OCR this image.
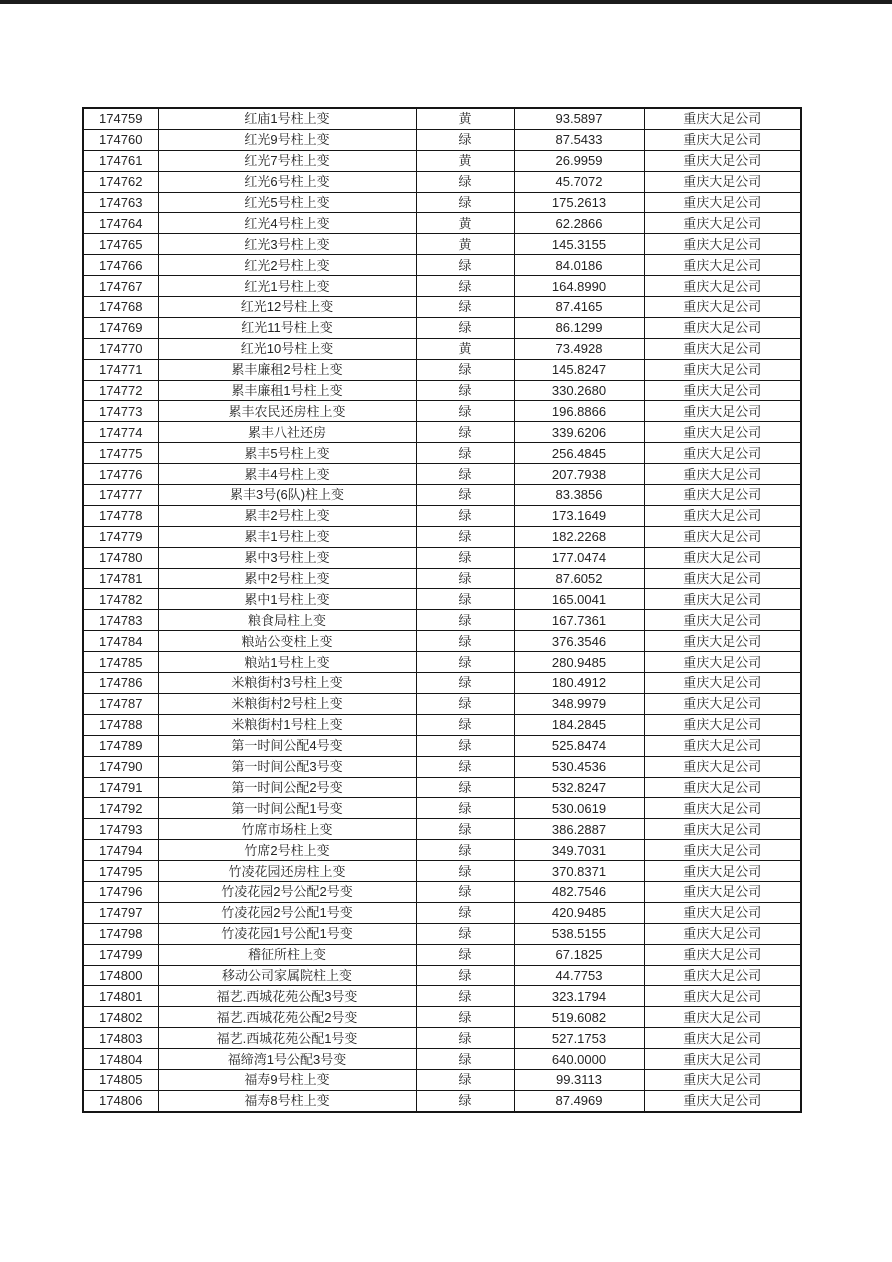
174759	红庙1号柱上变	黄	93.5897	重庆大足公司
174760	红光9号柱上变	绿	87.5433	重庆大足公司
174761	红光7号柱上变	黄	26.9959	重庆大足公司
174762	红光6号柱上变	绿	45.7072	重庆大足公司
174763	红光5号柱上变	绿	175.2613	重庆大足公司
174764	红光4号柱上变	黄	62.2866	重庆大足公司
174765	红光3号柱上变	黄	145.3155	重庆大足公司
174766	红光2号柱上变	绿	84.0186	重庆大足公司
174767	红光1号柱上变	绿	164.8990	重庆大足公司
174768	红光12号柱上变	绿	87.4165	重庆大足公司
174769	红光11号柱上变	绿	86.1299	重庆大足公司
174770	红光10号柱上变	黄	73.4928	重庆大足公司
174771	累丰廉租2号柱上变	绿	145.8247	重庆大足公司
174772	累丰廉租1号柱上变	绿	330.2680	重庆大足公司
174773	累丰农民还房柱上变	绿	196.8866	重庆大足公司
174774	累丰八社还房	绿	339.6206	重庆大足公司
174775	累丰5号柱上变	绿	256.4845	重庆大足公司
174776	累丰4号柱上变	绿	207.7938	重庆大足公司
174777	累丰3号(6队)柱上变	绿	83.3856	重庆大足公司
174778	累丰2号柱上变	绿	173.1649	重庆大足公司
174779	累丰1号柱上变	绿	182.2268	重庆大足公司
174780	累中3号柱上变	绿	177.0474	重庆大足公司
174781	累中2号柱上变	绿	87.6052	重庆大足公司
174782	累中1号柱上变	绿	165.0041	重庆大足公司
174783	粮食局柱上变	绿	167.7361	重庆大足公司
174784	粮站公变柱上变	绿	376.3546	重庆大足公司
174785	粮站1号柱上变	绿	280.9485	重庆大足公司
174786	米粮街村3号柱上变	绿	180.4912	重庆大足公司
174787	米粮街村2号柱上变	绿	348.9979	重庆大足公司
174788	米粮街村1号柱上变	绿	184.2845	重庆大足公司
174789	第一时间公配4号变	绿	525.8474	重庆大足公司
174790	第一时间公配3号变	绿	530.4536	重庆大足公司
174791	第一时间公配2号变	绿	532.8247	重庆大足公司
174792	第一时间公配1号变	绿	530.0619	重庆大足公司
174793	竹席市场柱上变	绿	386.2887	重庆大足公司
174794	竹席2号柱上变	绿	349.7031	重庆大足公司
174795	竹凌花园还房柱上变	绿	370.8371	重庆大足公司
174796	竹凌花园2号公配2号变	绿	482.7546	重庆大足公司
174797	竹凌花园2号公配1号变	绿	420.9485	重庆大足公司
174798	竹凌花园1号公配1号变	绿	538.5155	重庆大足公司
174799	稽征所柱上变	绿	67.1825	重庆大足公司
174800	移动公司家属院柱上变	绿	44.7753	重庆大足公司
174801	福艺.西城花苑公配3号变	绿	323.1794	重庆大足公司
174802	福艺.西城花苑公配2号变	绿	519.6082	重庆大足公司
174803	福艺.西城花苑公配1号变	绿	527.1753	重庆大足公司
174804	福缔湾1号公配3号变	绿	640.0000	重庆大足公司
174805	福寿9号柱上变	绿	99.3113	重庆大足公司
174806	福寿8号柱上变	绿	87.4969	重庆大足公司
